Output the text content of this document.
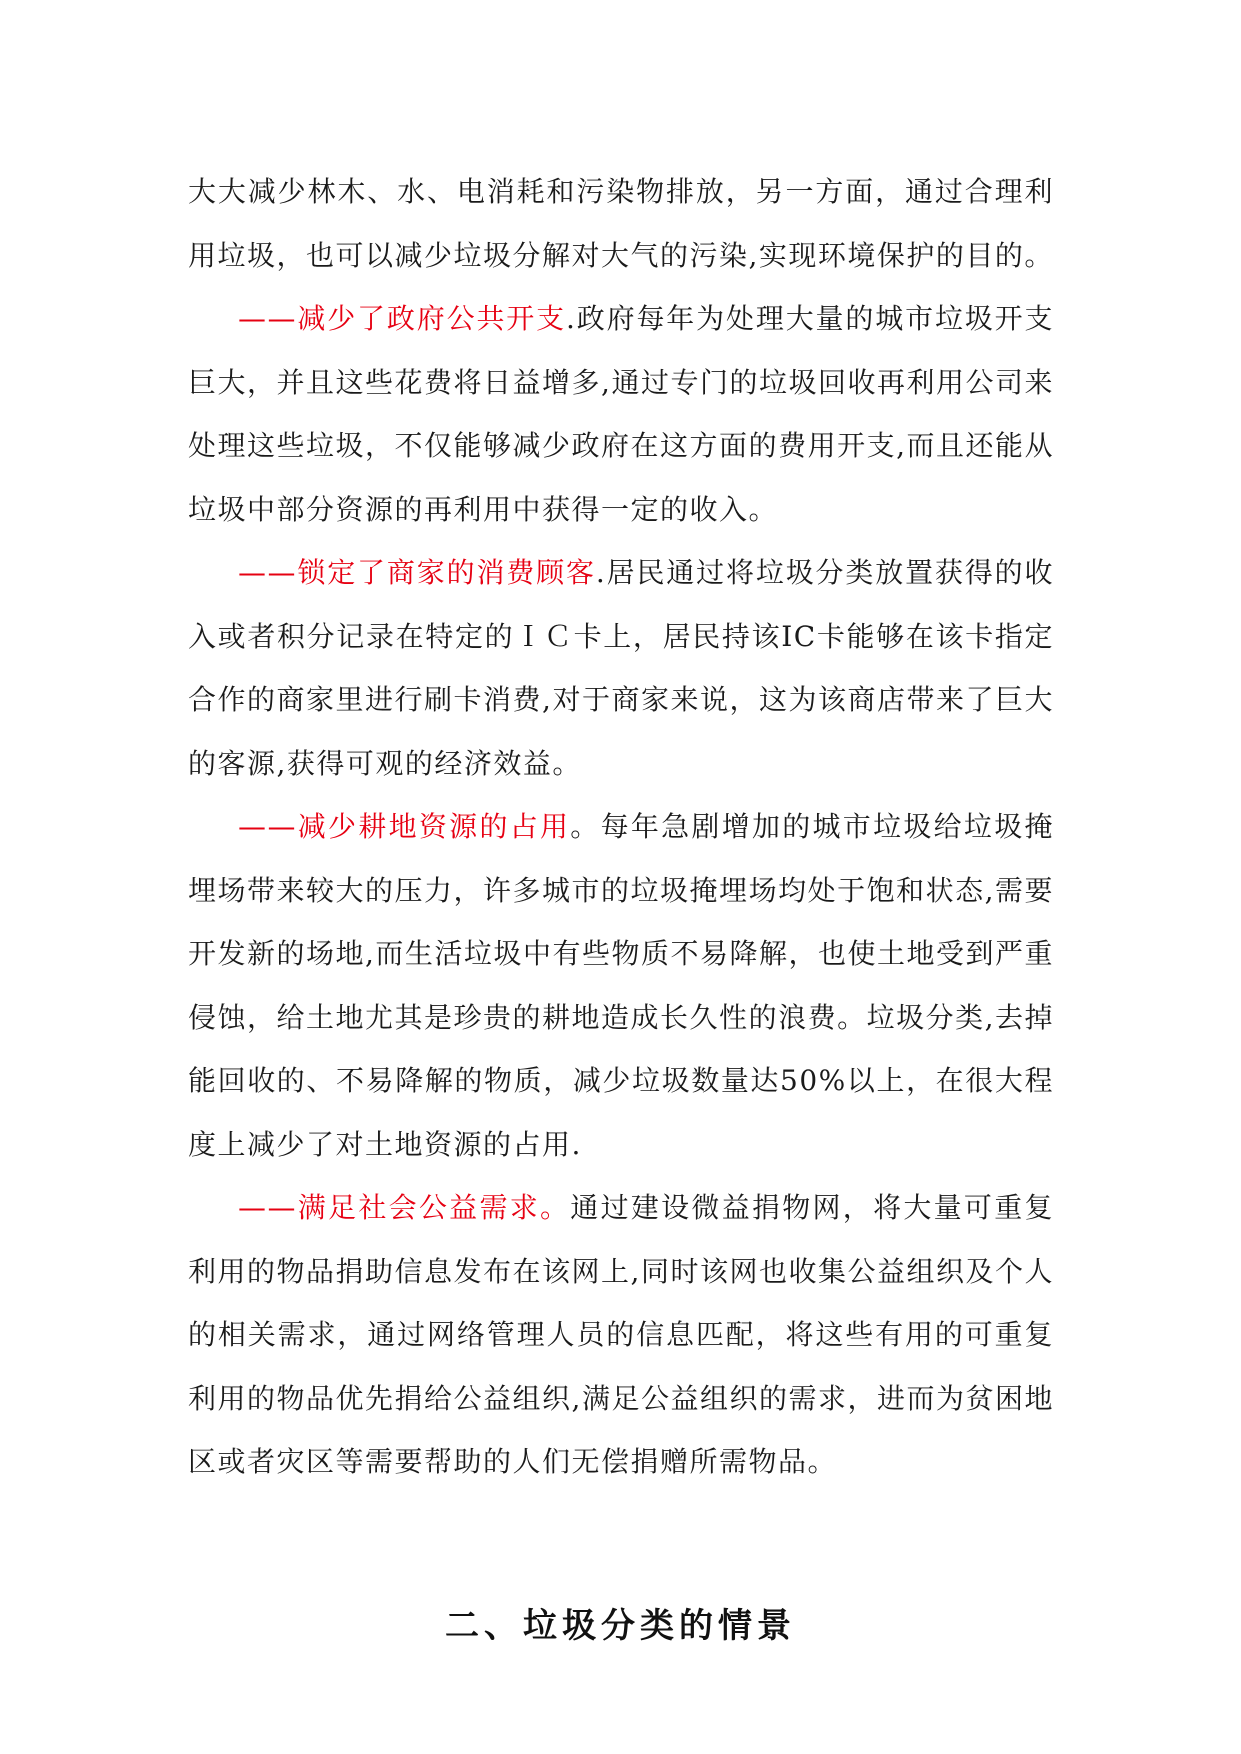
大大减少林木、水、电消耗和污染物排放，另一方面，通过合理利用垃圾，也可以减少垃圾分解对大气的污染,实现环境保护的目的。

——减少了政府公共开支.政府每年为处理大量的城市垃圾开支巨大，并且这些花费将日益增多,通过专门的垃圾回收再利用公司来处理这些垃圾，不仅能够减少政府在这方面的费用开支,而且还能从垃圾中部分资源的再利用中获得一定的收入。

——锁定了商家的消费顾客.居民通过将垃圾分类放置获得的收入或者积分记录在特定的ＩＣ卡上，居民持该IC卡能够在该卡指定合作的商家里进行刷卡消费,对于商家来说，这为该商店带来了巨大的客源,获得可观的经济效益。

——减少耕地资源的占用。每年急剧增加的城市垃圾给垃圾掩埋场带来较大的压力，许多城市的垃圾掩埋场均处于饱和状态,需要开发新的场地,而生活垃圾中有些物质不易降解，也使土地受到严重侵蚀，给土地尤其是珍贵的耕地造成长久性的浪费。垃圾分类,去掉能回收的、不易降解的物质，减少垃圾数量达50%以上，在很大程度上减少了对土地资源的占用.

——满足社会公益需求。通过建设微益捐物网，将大量可重复利用的物品捐助信息发布在该网上,同时该网也收集公益组织及个人的相关需求，通过网络管理人员的信息匹配，将这些有用的可重复利用的物品优先捐给公益组织,满足公益组织的需求，进而为贫困地区或者灾区等需要帮助的人们无偿捐赠所需物品。

二、垃圾分类的情景
